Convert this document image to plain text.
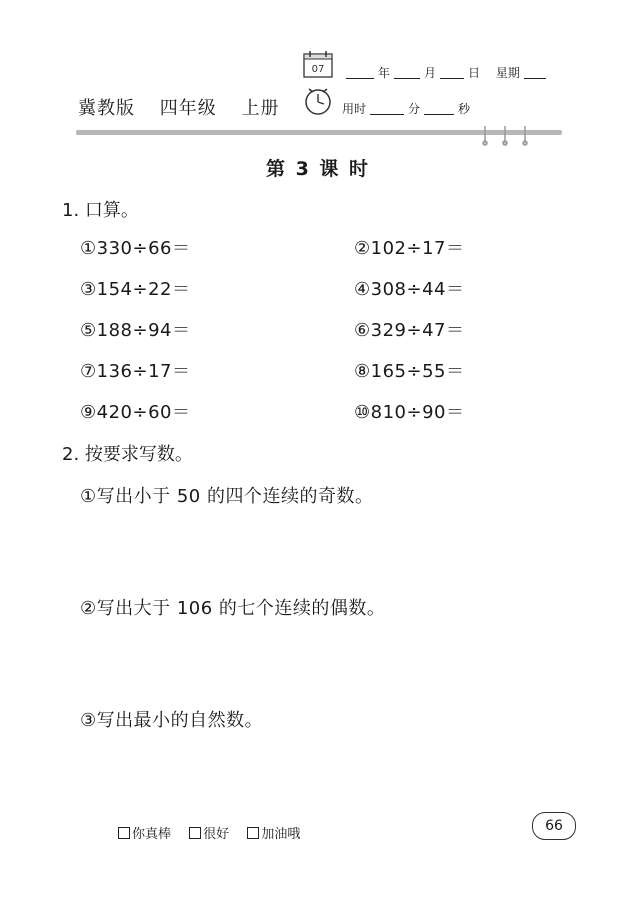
冀教版 四年级 上册
07	年	月	日 星期
用时	分	秒
第 3 课 时
1. 口算。
①330÷66＝	②102÷17＝
③154÷22＝	④308÷44＝
⑤188÷94＝	⑥329÷47＝
⑦136÷17＝	⑧165÷55＝
⑨420÷60＝	⑩810÷90＝
2. 按要求写数。
①写出小于 50 的四个连续的奇数。
②写出大于 106 的七个连续的偶数。
③写出最小的自然数。
你真棒 很好 加油哦
66
